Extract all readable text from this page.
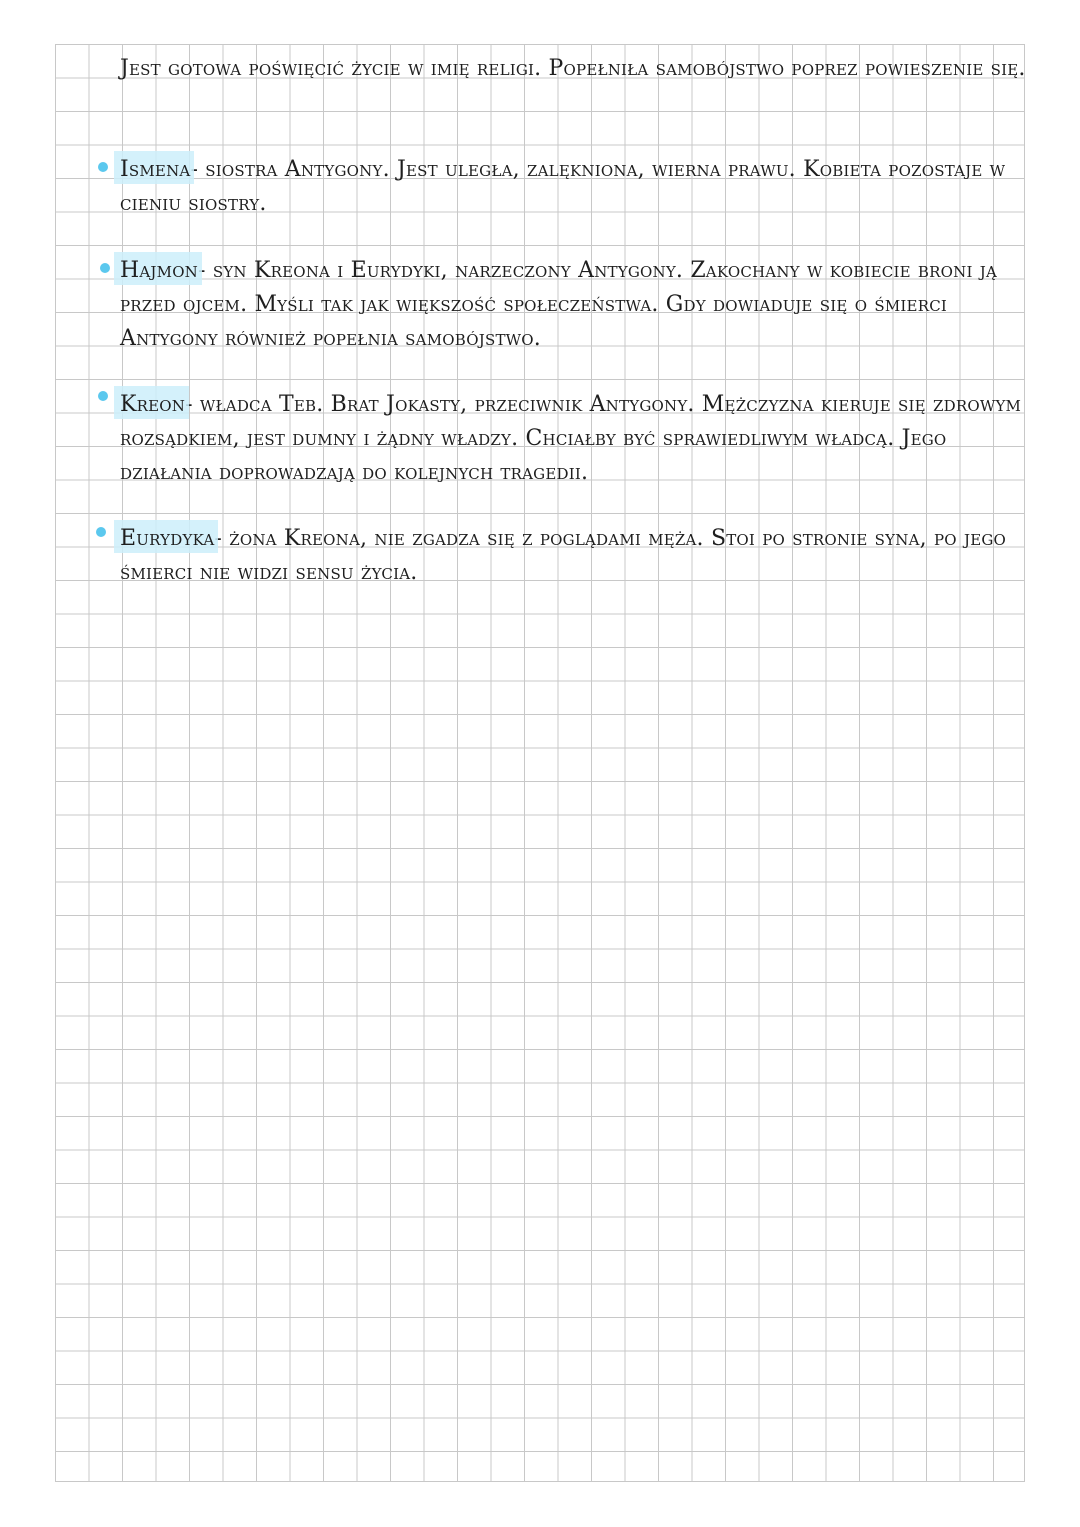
Jest gotowa poświęcić życie w imię religi. Popełniła samobójstwo poprez powieszenie się.
Ismena- siostra Antygony. Jest uległa, zalękniona, wierna prawu. Kobieta pozostaje w cieniu siostry.
Hajmon- syn Kreona i Eurydyki, narzeczony Antygony. Zakochany w kobiecie broni ją przed ojcem. Myśli tak jak większość społeczeństwa. Gdy dowiaduje się o śmierci Antygony również popełnia samobójstwo.
Kreon- władca Teb. Brat Jokasty, przeciwnik Antygony. Mężczyzna kieruje się zdrowym rozsądkiem, jest dumny i żądny władzy. Chciałby być sprawiedliwym władcą. Jego działania doprowadzają do kolejnych tragedii.
Eurydyka- żona Kreona, nie zgadza się z poglądami męża. Stoi po stronie syna, po jego śmierci nie widzi sensu życia.
